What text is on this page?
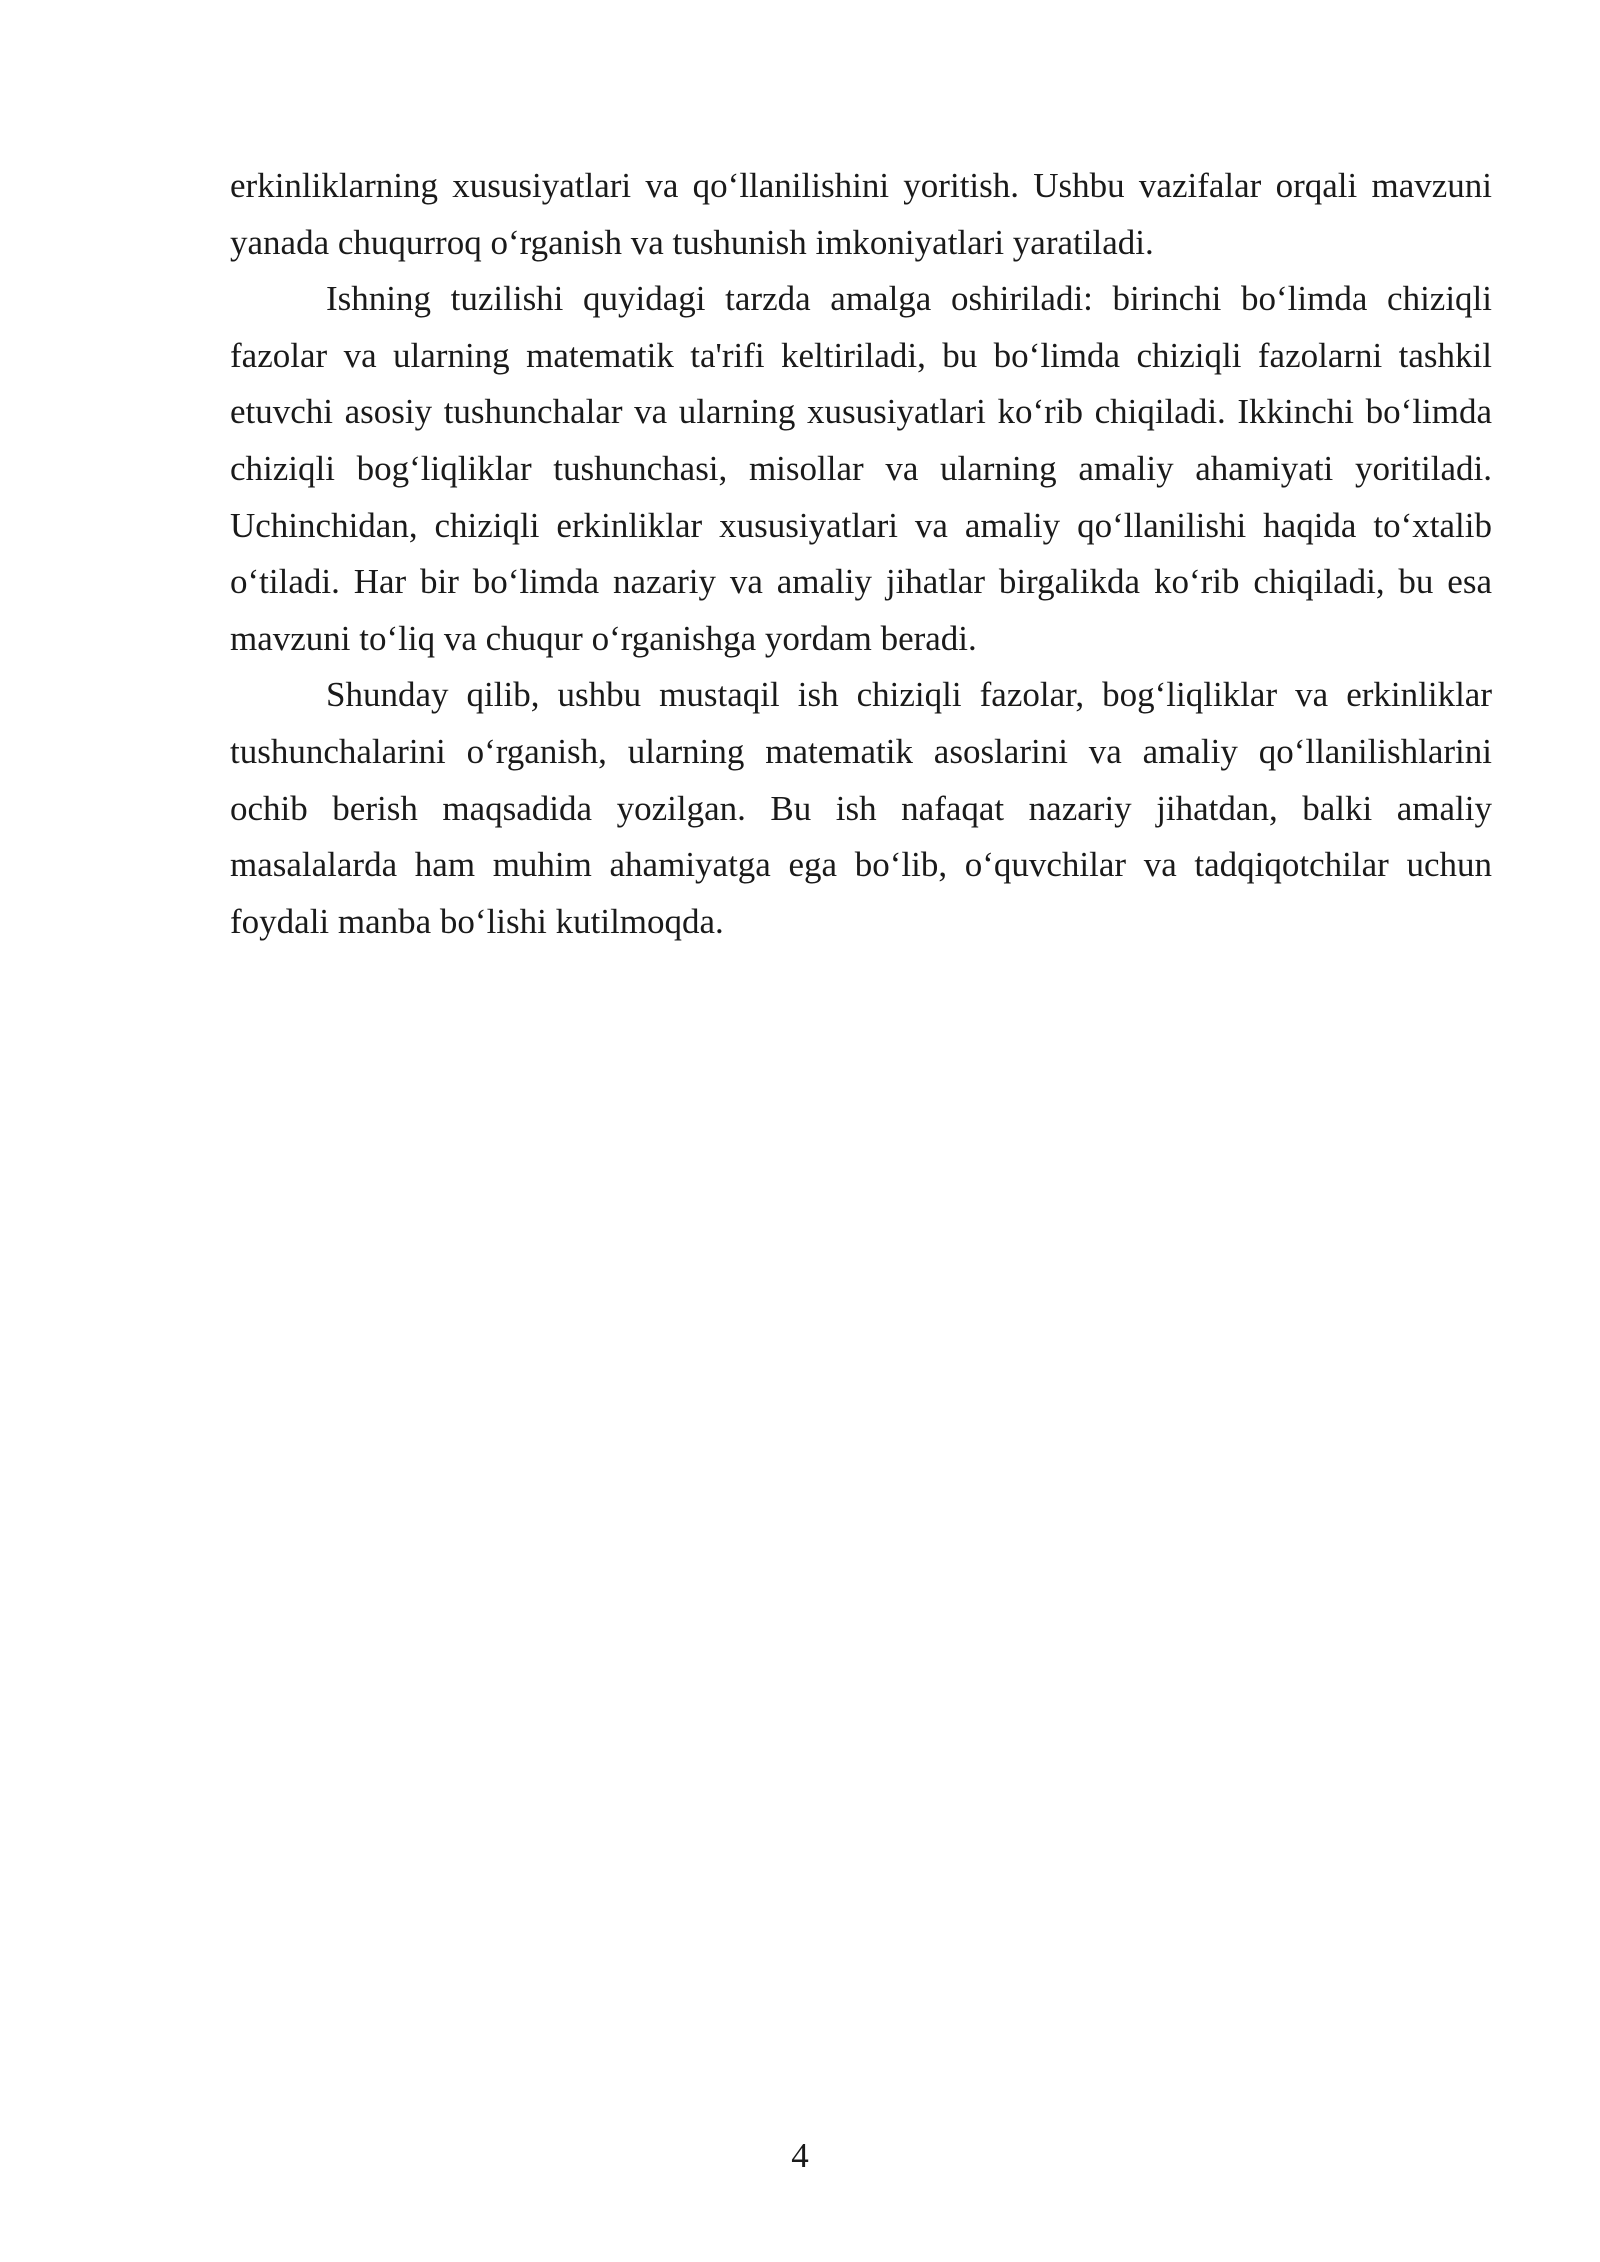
erkinliklarning xususiyatlari va qo‘llanilishini yoritish. Ushbu vazifalar orqali mavzuni yanada chuqurroq o‘rganish va tushunish imkoniyatlari yaratiladi.

Ishning tuzilishi quyidagi tarzda amalga oshiriladi: birinchi bo‘limda chiziqli fazolar va ularning matematik ta'rifi keltiriladi, bu bo‘limda chiziqli fazolarni tashkil etuvchi asosiy tushunchalar va ularning xususiyatlari ko‘rib chiqiladi. Ikkinchi bo‘limda chiziqli bog‘liqliklar tushunchasi, misollar va ularning amaliy ahamiyati yoritiladi. Uchinchidan, chiziqli erkinliklar xususiyatlari va amaliy qo‘llanilishi haqida to‘xtalib o‘tiladi. Har bir bo‘limda nazariy va amaliy jihatlar birgalikda ko‘rib chiqiladi, bu esa mavzuni to‘liq va chuqur o‘rganishga yordam beradi.

Shunday qilib, ushbu mustaqil ish chiziqli fazolar, bog‘liqliklar va erkinliklar tushunchalarini o‘rganish, ularning matematik asoslarini va amaliy qo‘llanilishlarini ochib berish maqsadida yozilgan. Bu ish nafaqat nazariy jihatdan, balki amaliy masalalarda ham muhim ahamiyatga ega bo‘lib, o‘quvchilar va tadqiqotchilar uchun foydali manba bo‘lishi kutilmoqda.

4
